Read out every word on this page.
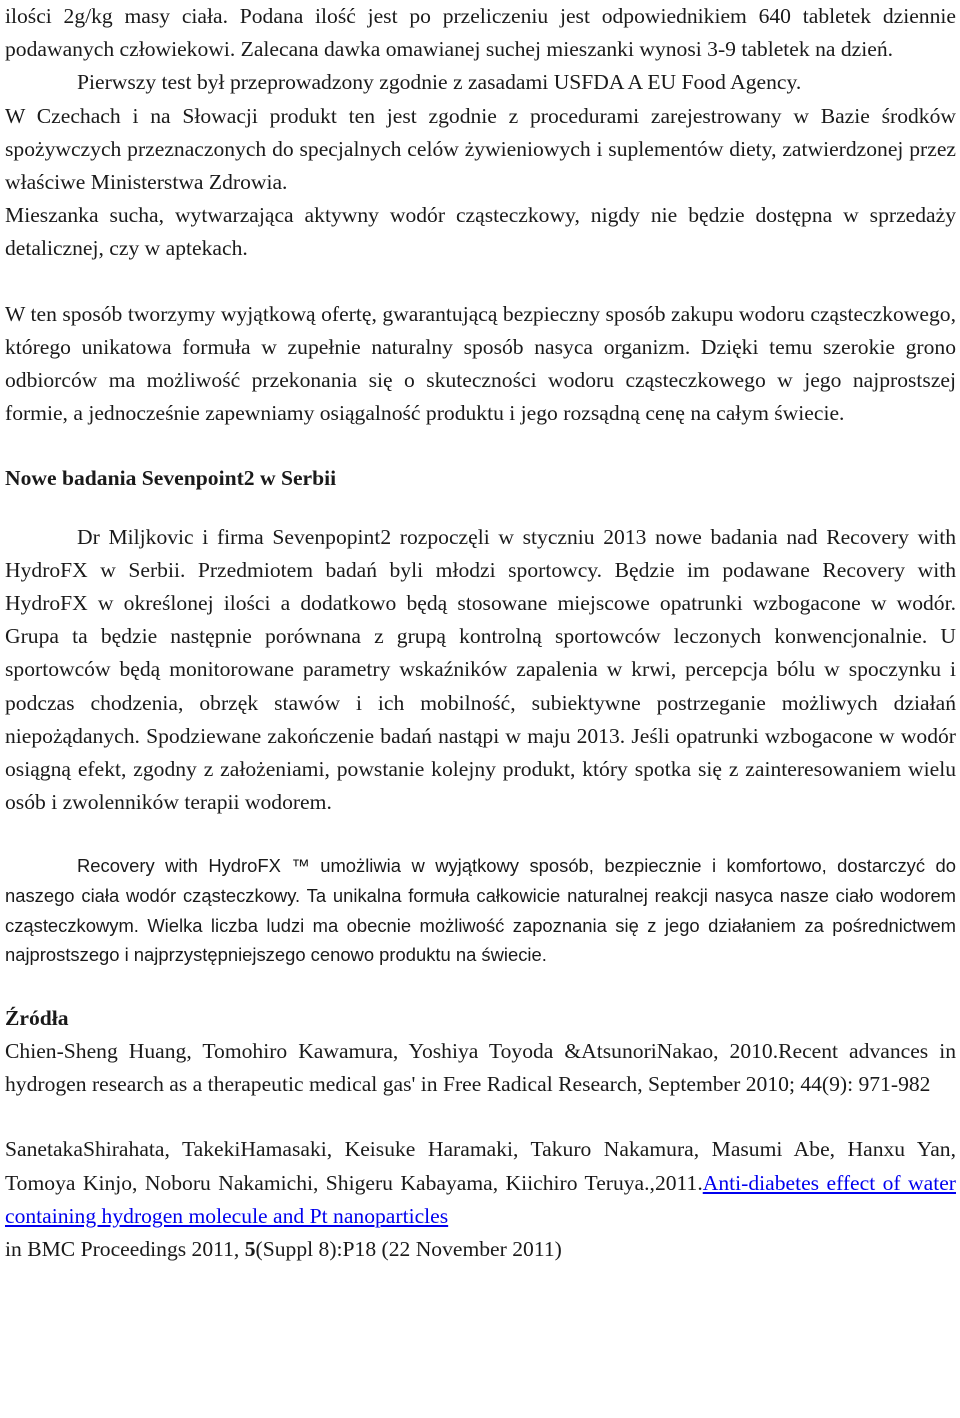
ilości 2g/kg masy ciała. Podana ilość jest po przeliczeniu jest odpowiednikiem 640 tabletek dziennie podawanych człowiekowi. Zalecana dawka omawianej suchej mieszanki wynosi 3-9 tabletek na dzień.

Pierwszy test był przeprowadzony zgodnie z zasadami USFDA A EU Food Agency.

W Czechach i na Słowacji produkt ten jest zgodnie z procedurami zarejestrowany w Bazie środków spożywczych przeznaczonych do specjalnych celów żywieniowych i suplementów diety, zatwierdzonej przez właściwe Ministerstwa Zdrowia.

Mieszanka sucha, wytwarzająca aktywny wodór cząsteczkowy, nigdy nie będzie dostępna w sprzedaży detalicznej, czy w aptekach.

W ten sposób tworzymy wyjątkową ofertę, gwarantującą bezpieczny sposób zakupu wodoru cząsteczkowego, którego unikatowa formuła w zupełnie naturalny sposób nasyca organizm. Dzięki temu szerokie grono odbiorców ma możliwość przekonania się o skuteczności wodoru cząsteczkowego w jego najprostszej formie, a jednocześnie zapewniamy osiągalność produktu i jego rozsądną cenę na całym świecie.

Nowe badania Sevenpoint2 w Serbii

Dr Miljkovic i firma Sevenpopint2 rozpoczęli w styczniu 2013 nowe badania nad Recovery with HydroFX w Serbii. Przedmiotem badań byli młodzi sportowcy. Będzie im podawane Recovery with HydroFX w określonej ilości a dodatkowo będą stosowane miejscowe opatrunki wzbogacone w wodór. Grupa ta będzie następnie porównana z grupą kontrolną sportowców leczonych konwencjonalnie. U sportowców będą monitorowane parametry wskaźników zapalenia w krwi, percepcja bólu w spoczynku i podczas chodzenia, obrzęk stawów i ich mobilność, subiektywne postrzeganie możliwych działań niepożądanych. Spodziewane zakończenie badań nastąpi w maju 2013. Jeśli opatrunki wzbogacone w wodór osiągną efekt, zgodny z założeniami, powstanie kolejny produkt, który spotka się z zainteresowaniem wielu osób i zwolenników terapii wodorem.

Recovery with HydroFX ™ umożliwia w wyjątkowy sposób, bezpiecznie i komfortowo, dostarczyć do naszego ciała wodór cząsteczkowy. Ta unikalna formuła całkowicie naturalnej reakcji nasyca nasze ciało wodorem cząsteczkowym. Wielka liczba ludzi ma obecnie możliwość zapoznania się z jego działaniem za pośrednictwem najprostszego i najprzystępniejszego cenowo produktu na świecie.

Źródła

Chien-Sheng Huang, Tomohiro Kawamura, Yoshiya Toyoda &AtsunoriNakao, 2010.Recent advances in hydrogen research as a therapeutic medical gas' in Free Radical Research, September 2010; 44(9): 971-982

SanetakaShirahata, TakekiHamasaki, Keisuke Haramaki, Takuro Nakamura, Masumi Abe, Hanxu Yan, Tomoya Kinjo, Noboru Nakamichi, Shigeru Kabayama, Kiichiro Teruya.,2011.Anti-diabetes effect of water containing hydrogen molecule and Pt nanoparticles

in BMC Proceedings 2011, 5(Suppl 8):P18 (22 November 2011)
